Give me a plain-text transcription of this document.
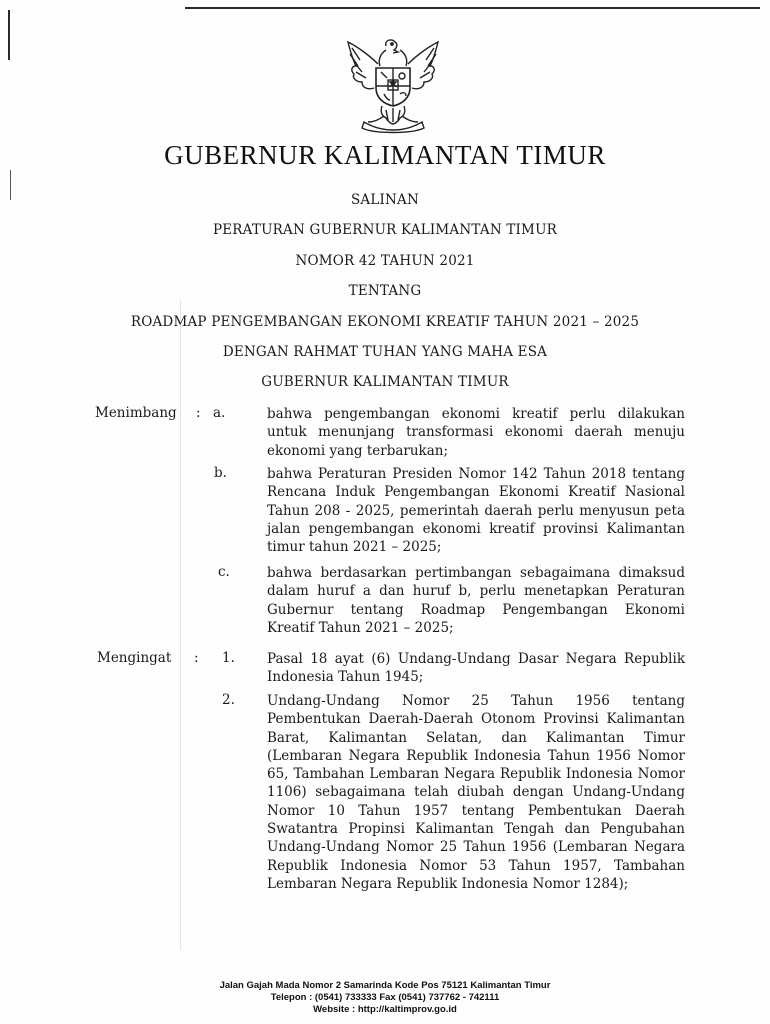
GUBERNUR KALIMANTAN TIMUR
SALINAN
PERATURAN GUBERNUR KALIMANTAN TIMUR
NOMOR 42 TAHUN 2021
TENTANG
ROADMAP PENGEMBANGAN EKONOMI KREATIF TAHUN 2021 – 2025
DENGAN RAHMAT TUHAN YANG MAHA ESA
GUBERNUR KALIMANTAN TIMUR
Menimbang : a.	bahwa pengembangan ekonomi kreatif perlu dilakukan untuk menunjang transformasi ekonomi daerah menuju ekonomi yang terbarukan;
b.	bahwa Peraturan Presiden Nomor 142 Tahun 2018 tentang Rencana Induk Pengembangan Ekonomi Kreatif Nasional Tahun 208 - 2025, pemerintah daerah perlu menyusun peta jalan pengembangan ekonomi kreatif provinsi Kalimantan timur tahun 2021 – 2025;
c.	bahwa berdasarkan pertimbangan sebagaimana dimaksud dalam huruf a dan huruf b, perlu menetapkan Peraturan Gubernur tentang Roadmap Pengembangan Ekonomi Kreatif Tahun 2021 – 2025;
Mengingat : 1. Pasal 18 ayat (6) Undang-Undang Dasar Negara Republik Indonesia Tahun 1945;
2. Undang-Undang Nomor 25 Tahun 1956 tentang Pembentukan Daerah-Daerah Otonom Provinsi Kalimantan Barat, Kalimantan Selatan, dan Kalimantan Timur (Lembaran Negara Republik Indonesia Tahun 1956 Nomor 65, Tambahan Lembaran Negara Republik Indonesia Nomor 1106) sebagaimana telah diubah dengan Undang-Undang Nomor 10 Tahun 1957 tentang Pembentukan Daerah Swatantra Propinsi Kalimantan Tengah dan Pengubahan Undang-Undang Nomor 25 Tahun 1956 (Lembaran Negara Republik Indonesia Nomor 53 Tahun 1957, Tambahan Lembaran Negara Republik Indonesia Nomor 1284);
Jalan Gajah Mada Nomor 2 Samarinda Kode Pos 75121 Kalimantan Timur
Telepon : (0541) 733333 Fax (0541) 737762 - 742111
Website : http://kaltimprov.go.id
